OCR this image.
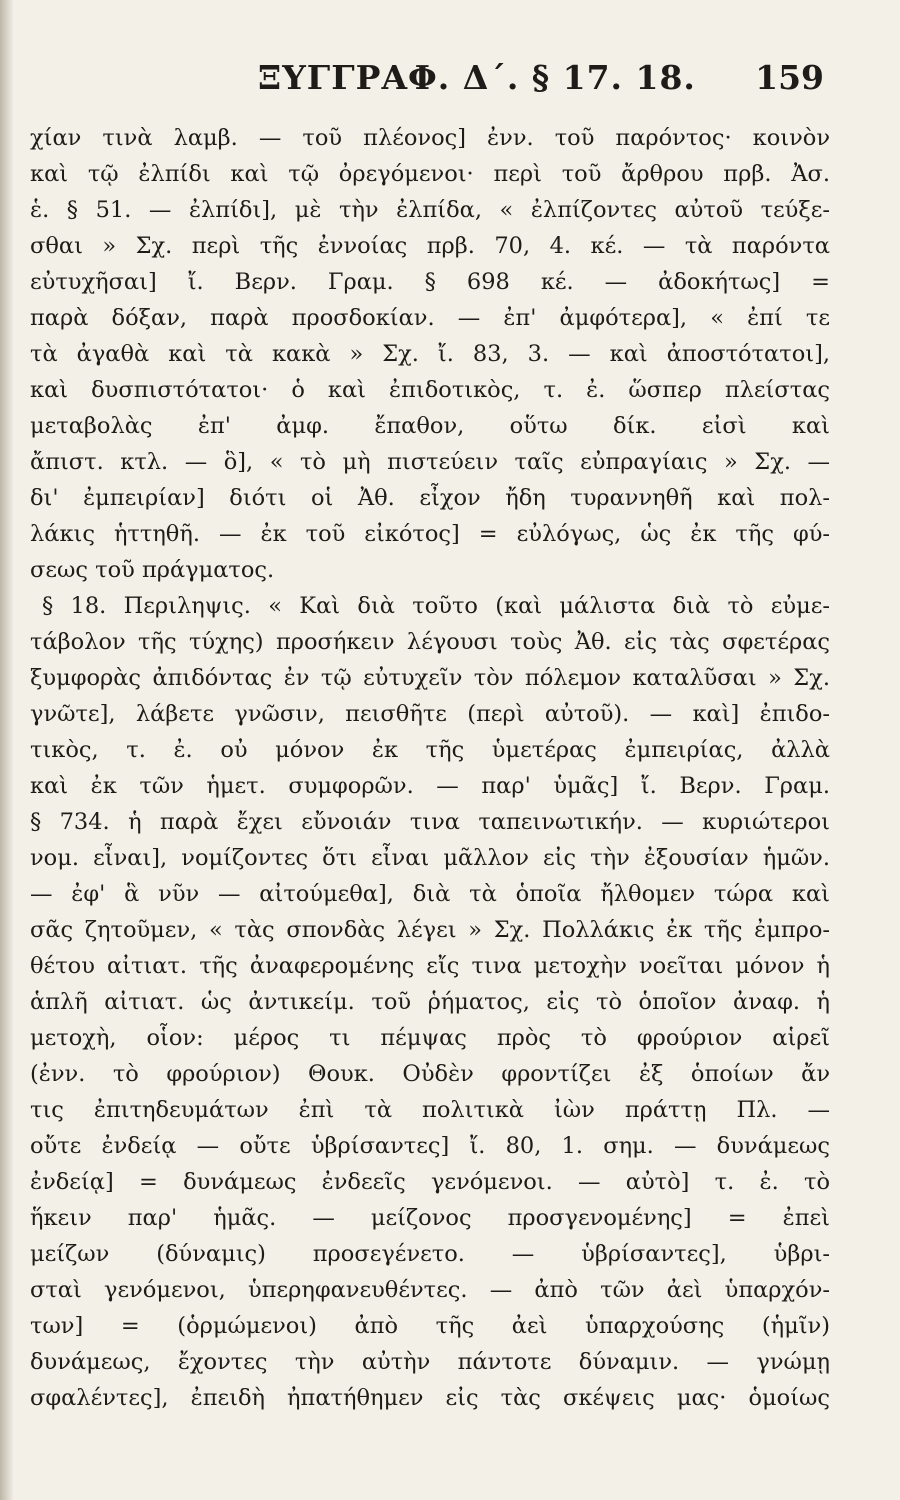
ΞΥΓΓΡΑΦ. Δ΄. § 17. 18. 159
χίαν τινὰ λαμβ. — τοῦ πλέονος] ἐνν. τοῦ παρόντος· κοινὸν
καὶ τῷ ἐλπίδι καὶ τῷ ὀρεγόμενοι· περὶ τοῦ ἄρθρου πρβ. Ἀσ.
ἑ. § 51. — ἐλπίδι], μὲ τὴν ἐλπίδα, « ἐλπίζοντες αὐτοῦ τεύξε-
σθαι » Σχ. περὶ τῆς ἐννοίας πρβ. 70, 4. κέ. — τὰ παρόντα
εὐτυχῆσαι] ἴ. Βερν. Γραμ. § 698 κέ. — ἀδοκήτως] =
παρὰ δόξαν, παρὰ προσδοκίαν. — ἐπ' ἀμφότερα], « ἐπί τε
τὰ ἀγαθὰ καὶ τὰ κακὰ » Σχ. ἴ. 83, 3. — καὶ ἀποστότατοι],
καὶ δυσπιστότατοι· ὁ καὶ ἐπιδοτικὸς, τ. ἐ. ὥσπερ πλείστας
μεταβολὰς ἐπ' ἀμφ. ἔπαθον, οὕτω δίκ. εἰσὶ καὶ
ἄπιστ. κτλ. — ὃ], « τὸ μὴ πιστεύειν ταῖς εὐπραγίαις » Σχ. —
δι' ἐμπειρίαν] διότι οἱ Ἀθ. εἶχον ἤδη τυραννηθῆ καὶ πολ-
λάκις ἡττηθῆ. — ἐκ τοῦ εἰκότος] = εὐλόγως, ὡς ἐκ τῆς φύ-
σεως τοῦ πράγματος.
§ 18. Περιληψις. « Καὶ διὰ τοῦτο (καὶ μάλιστα διὰ τὸ εὐμε-
τάβολον τῆς τύχης) προσήκειν λέγουσι τοὺς Ἀθ. εἰς τὰς σφετέρας
ξυμφορὰς ἀπιδόντας ἐν τῷ εὐτυχεῖν τὸν πόλεμον καταλῦσαι » Σχ.
γνῶτε], λάβετε γνῶσιν, πεισθῆτε (περὶ αὐτοῦ). — καὶ] ἐπιδο-
τικὸς, τ. ἐ. οὐ μόνον ἐκ τῆς ὑμετέρας ἐμπειρίας, ἀλλὰ
καὶ ἐκ τῶν ἡμετ. συμφορῶν. — παρ' ὑμᾶς] ἴ. Βερν. Γραμ.
§ 734. ἡ παρὰ ἔχει εὔνοιάν τινα ταπεινωτικήν. — κυριώτεροι
νομ. εἶναι], νομίζοντες ὅτι εἶναι μᾶλλον εἰς τὴν ἐξουσίαν ἡμῶν.
— ἐφ' ἃ νῦν — αἰτούμεθα], διὰ τὰ ὁποῖα ἤλθομεν τώρα καὶ
σᾶς ζητοῦμεν, « τὰς σπονδὰς λέγει » Σχ. Πολλάκις ἐκ τῆς ἐμπρο-
θέτου αἰτιατ. τῆς ἀναφερομένης εἴς τινα μετοχὴν νοεῖται μόνον ἡ
ἁπλῆ αἰτιατ. ὡς ἀντικείμ. τοῦ ῥήματος, εἰς τὸ ὁποῖον ἀναφ. ἡ
μετοχὴ, οἷον: μέρος τι πέμψας πρὸς τὸ φρούριον αἱρεῖ
(ἐνν. τὸ φρούριον) Θουκ. Οὐδὲν φροντίζει ἐξ ὁποίων ἄν
τις ἐπιτηδευμάτων ἐπὶ τὰ πολιτικὰ ἰὼν πράττῃ Πλ. —
οὔτε ἐνδείᾳ — οὔτε ὑβρίσαντες] ἴ. 80, 1. σημ. — δυνάμεως
ἐνδείᾳ] = δυνάμεως ἐνδεεῖς γενόμενοι. — αὐτὸ] τ. ἐ. τὸ
ἥκειν παρ' ἡμᾶς. — μείζονος προσγενομένης] = ἐπεὶ
μείζων (δύναμις) προσεγένετο. — ὑβρίσαντες], ὑβρι-
σταὶ γενόμενοι, ὑπερηφανευθέντες. — ἀπὸ τῶν ἀεὶ ὑπαρχόν-
των] = (ὁρμώμενοι) ἀπὸ τῆς ἀεὶ ὑπαρχούσης (ἡμῖν)
δυνάμεως, ἔχοντες τὴν αὐτὴν πάντοτε δύναμιν. — γνώμῃ
σφαλέντες], ἐπειδὴ ἠπατήθημεν εἰς τὰς σκέψεις μας· ὁμοίως
